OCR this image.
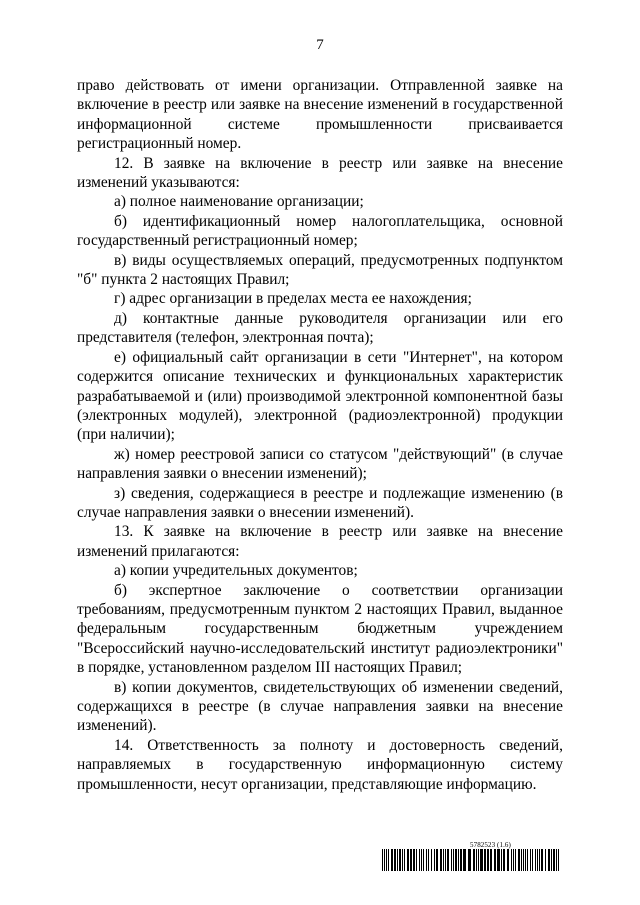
7

право действовать от имени организации. Отправленной заявке на включение в реестр или заявке на внесение изменений в государственной информационной системе промышленности присваивается регистрационный номер.

12. В заявке на включение в реестр или заявке на внесение изменений указываются:

а) полное наименование организации;

б) идентификационный номер налогоплательщика, основной государственный регистрационный номер;

в) виды осуществляемых операций, предусмотренных подпунктом "б" пункта 2 настоящих Правил;

г) адрес организации в пределах места ее нахождения;

д) контактные данные руководителя организации или его представителя (телефон, электронная почта);

е) официальный сайт организации в сети "Интернет", на котором содержится описание технических и функциональных характеристик разрабатываемой и (или) производимой электронной компонентной базы (электронных модулей), электронной (радиоэлектронной) продукции (при наличии);

ж) номер реестровой записи со статусом "действующий" (в случае направления заявки о внесении изменений);

з) сведения, содержащиеся в реестре и подлежащие изменению (в случае направления заявки о внесении изменений).

13. К заявке на включение в реестр или заявке на внесение изменений прилагаются:

а) копии учредительных документов;

б) экспертное заключение о соответствии организации требованиям, предусмотренным пунктом 2 настоящих Правил, выданное федеральным государственным бюджетным учреждением "Всероссийский научно-исследовательский институт радиоэлектроники" в порядке, установленном разделом III настоящих Правил;

в) копии документов, свидетельствующих об изменении сведений, содержащихся в реестре (в случае направления заявки на внесение изменений).

14. Ответственность за полноту и достоверность сведений, направляемых в государственную информационную систему промышленности, несут организации, представляющие информацию.

5782523 (1.6)
